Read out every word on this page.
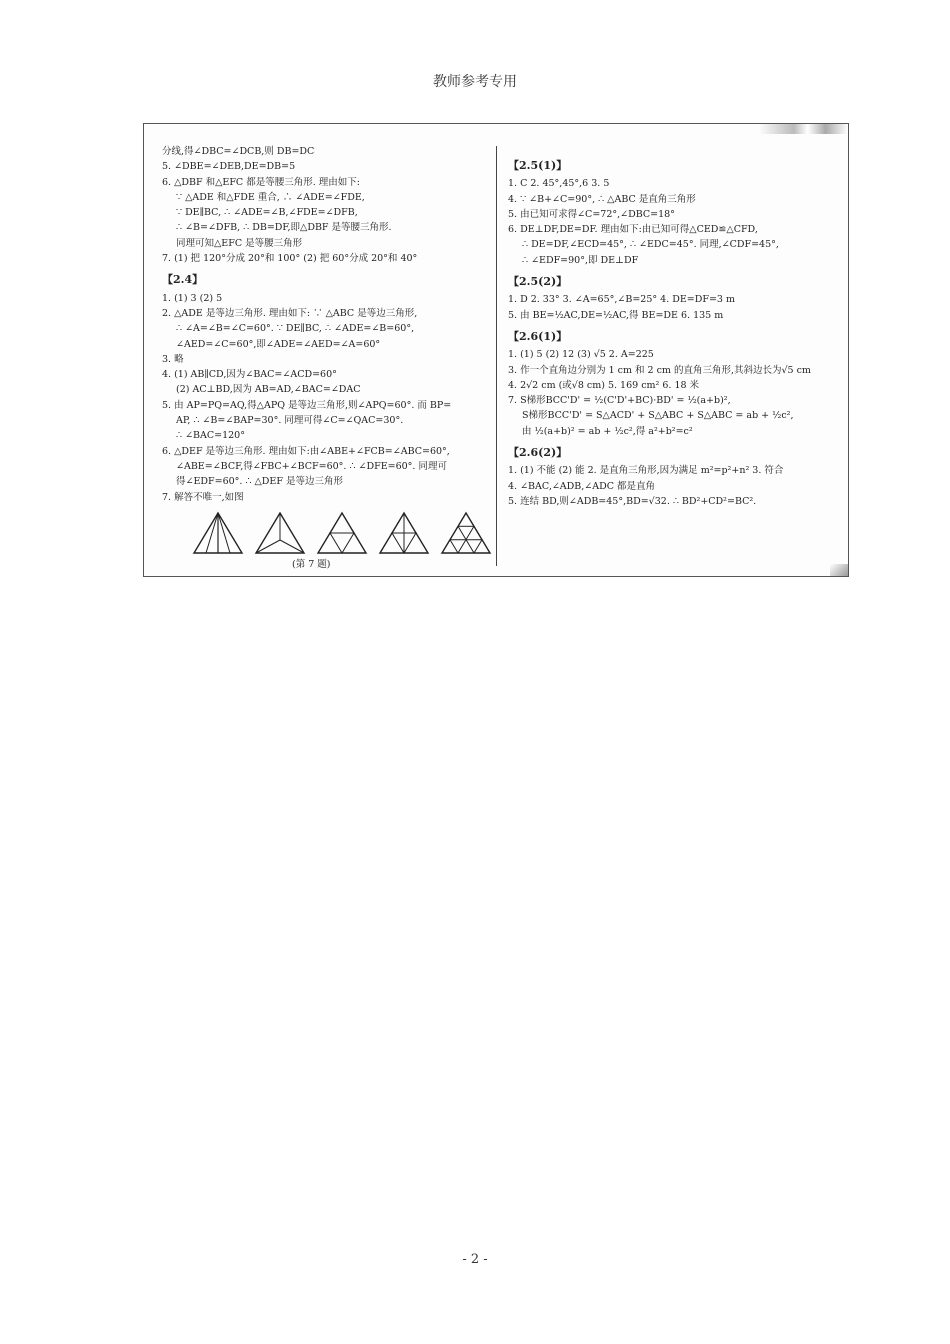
教师参考专用
分线,得∠DBC=∠DCB,则 DB=DC
5. ∠DBE=∠DEB,DE=DB=5
6. △DBF 和△EFC 都是等腰三角形. 理由如下:
∵ △ADE 和△FDE 重合, ∴ ∠ADE=∠FDE,
∵ DE∥BC, ∴ ∠ADE=∠B,∠FDE=∠DFB,
∴ ∠B=∠DFB, ∴ DB=DF,即△DBF 是等腰三角形.
同理可知△EFC 是等腰三角形
7. (1) 把 120°分成 20°和 100° (2) 把 60°分成 20°和 40°
【2.4】
1. (1) 3 (2) 5
2. △ADE 是等边三角形. 理由如下: ∵ △ABC 是等边三角形,
∴ ∠A=∠B=∠C=60°. ∵ DE∥BC, ∴ ∠ADE=∠B=60°,
∠AED=∠C=60°,即∠ADE=∠AED=∠A=60°
3. 略
4. (1) AB∥CD,因为∠BAC=∠ACD=60°
(2) AC⊥BD,因为 AB=AD,∠BAC=∠DAC
5. 由 AP=PQ=AQ,得△APQ 是等边三角形,则∠APQ=60°. 而 BP=
AP, ∴ ∠B=∠BAP=30°. 同理可得∠C=∠QAC=30°.
∴ ∠BAC=120°
6. △DEF 是等边三角形. 理由如下:由∠ABE+∠FCB=∠ABC=60°,
∠ABE=∠BCF,得∠FBC+∠BCF=60°. ∴ ∠DFE=60°. 同理可
得∠EDF=60°. ∴ △DEF 是等边三角形
7. 解答不唯一,如图
(第 7 题)
【2.5(1)】
1. C 2. 45°,45°,6 3. 5
4. ∵ ∠B+∠C=90°, ∴ △ABC 是直角三角形
5. 由已知可求得∠C=72°,∠DBC=18°
6. DE⊥DF,DE=DF. 理由如下:由已知可得△CED≌△CFD,
∴ DE=DF,∠ECD=45°, ∴ ∠EDC=45°. 同理,∠CDF=45°,
∴ ∠EDF=90°,即 DE⊥DF
【2.5(2)】
1. D 2. 33° 3. ∠A=65°,∠B=25° 4. DE=DF=3 m
5. 由 BE=½AC,DE=½AC,得 BE=DE 6. 135 m
【2.6(1)】
1. (1) 5 (2) 12 (3) √5 2. A=225
3. 作一个直角边分别为 1 cm 和 2 cm 的直角三角形,其斜边长为√5 cm
4. 2√2 cm (或√8 cm) 5. 169 cm² 6. 18 米
7. S梯形BCC'D' = ½(C'D'+BC)·BD' = ½(a+b)²,
S梯形BCC'D' = S△ACD' + S△ABC + S△ABC = ab + ½c²,
由 ½(a+b)² = ab + ½c²,得 a²+b²=c²
【2.6(2)】
1. (1) 不能 (2) 能 2. 是直角三角形,因为满足 m²=p²+n² 3. 符合
4. ∠BAC,∠ADB,∠ADC 都是直角
5. 连结 BD,则∠ADB=45°,BD=√32. ∴ BD²+CD²=BC².
- 2 -
